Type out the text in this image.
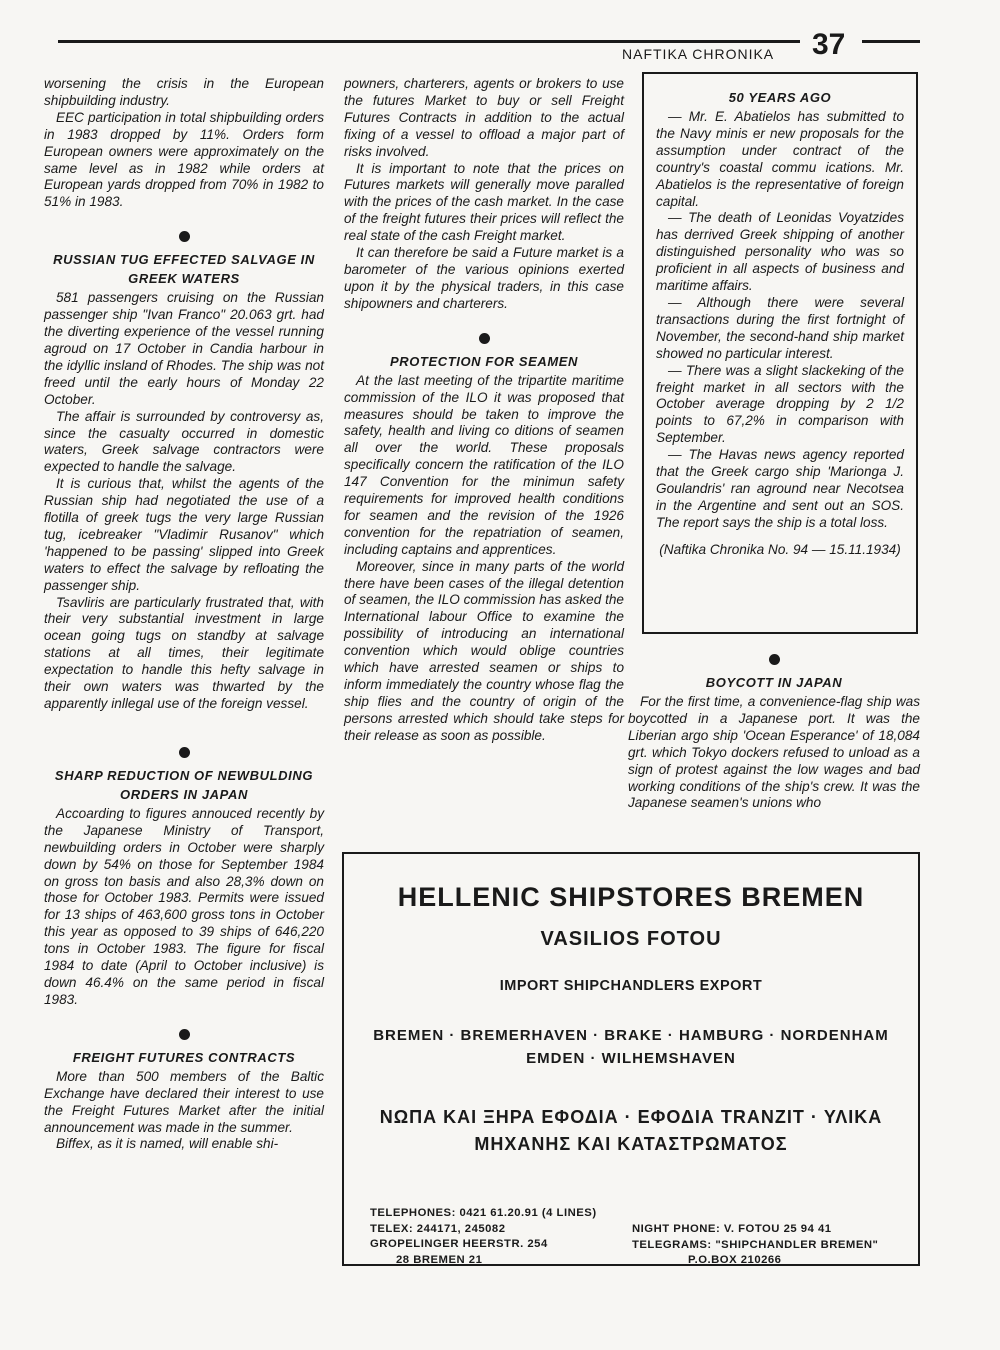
NAFTIKA CHRONIKA 37

worsening the crisis in the European shipbuilding industry.

EEC participation in total shipbuilding orders in 1983 dropped by 11%. Orders form European owners were approximately on the same level as in 1982 while orders at European yards dropped from 70% in 1982 to 51% in 1983.

RUSSIAN TUG EFFECTED SALVAGE IN GREEK WATERS

581 passengers cruising on the Russian passenger ship "Ivan Franco" 20.063 grt. had the diverting experience of the vessel running agroud on 17 October in Candia harbour in the idyllic insland of Rhodes. The ship was not freed until the early hours of Monday 22 October.

The affair is surrounded by controversy as, since the casualty occurred in domestic waters, Greek salvage contractors were expected to handle the salvage.

It is curious that, whilst the agents of the Russian ship had negotiated the use of a flotilla of greek tugs the very large Russian tug, icebreaker "Vladimir Rusanov" which 'happened to be passing' slipped into Greek waters to effect the salvage by refloating the passenger ship.

Tsavliris are particularly frustrated that, with their very substantial investment in large ocean going tugs on standby at salvage stations at all times, their legitimate expectation to handle this hefty salvage in their own waters was thwarted by the apparently inllegal use of the foreign vessel.

SHARP REDUCTION OF NEWBULDING ORDERS IN JAPAN

Accoarding to figures annouced recently by the Japanese Ministry of Transport, newbuilding orders in October were sharply down by 54% on those for September 1984 on gross ton basis and also 28,3% down on those for October 1983. Permits were issued for 13 ships of 463,600 gross tons in October this year as opposed to 39 ships of 646,220 tons in October 1983. The figure for fiscal 1984 to date (April to October inclusive) is down 46.4% on the same period in fiscal 1983.

FREIGHT FUTURES CONTRACTS

More than 500 members of the Baltic Exchange have declared their interest to use the Freight Futures Market after the initial announcement was made in the summer.

Biffex, as it is named, will enable shi-

powners, charterers, agents or brokers to use the futures Market to buy or sell Freight Futures Contracts in addition to the actual fixing of a vessel to offload a major part of risks involved.

It is important to note that the prices on Futures markets will generally move paralled with the prices of the cash market. In the case of the freight futures their prices will reflect the real state of the cash Freight market.

It can therefore be said a Future market is a barometer of the various opinions exerted upon it by the physical traders, in this case shipowners and charterers.

PROTECTION FOR SEAMEN

At the last meeting of the tripartite maritime commission of the ILO it was proposed that measures should be taken to improve the safety, health and living co ditions of seamen all over the world. These proposals specifically concern the ratification of the ILO 147 Convention for the minimun safety requirements for improved health conditions for seamen and the revision of the 1926 convention for the repatriation of seamen, including captains and apprentices.

Moreover, since in many parts of the world there have been cases of the illegal detention of seamen, the ILO commission has asked the International labour Office to examine the possibility of introducing an international convention which would oblige countries which have arrested seamen or ships to inform immediately the country whose flag the ship flies and the country of origin of the persons arrested which should take steps for their release as soon as possible.

50 YEARS AGO

— Mr. E. Abatielos has submitted to the Navy minis er new proposals for the assumption under contract of the country's coastal commu ications. Mr. Abatielos is the representative of foreign capital.

— The death of Leonidas Voyatzides has derrived Greek shipping of another distinguished personality who was so proficient in all aspects of business and maritime affairs.

— Although there were several transactions during the first fortnight of November, the second-hand ship market showed no particular interest.

— There was a slight slackeking of the freight market in all sectors with the October average dropping by 2 1/2 points to 67,2% in comparison with September.

— The Havas news agency reported that the Greek cargo ship 'Marionga J. Goulandris' ran aground near Necotsea in the Argentine and sent out an SOS. The report says the ship is a total loss.

(Naftika Chronika No. 94 — 15.11.1934)

BOYCOTT IN JAPAN

For the first time, a convenience-flag ship was boycotted in a Japanese port. It was the Liberian argo ship 'Ocean Esperance' of 18,084 grt. which Tokyo dockers refused to unload as a sign of protest against the low wages and bad working conditions of the ship's crew. It was the Japanese seamen's unions who

HELLENIC SHIPSTORES BREMEN
VASILIOS FOTOU
IMPORT SHIPCHANDLERS EXPORT
BREMEN · BREMERHAVEN · BRAKE · HAMBURG · NORDENHAM
EMDEN · WILHEMSHAVEN
ΝΩΠΑ ΚΑΙ ΞΗΡΑ ΕΦΟΔΙΑ · ΕΦΟΔΙΑ TRANZIT · ΥΛΙΚΑ
ΜΗΧΑΝΗΣ ΚΑΙ ΚΑΤΑΣΤΡΩΜΑΤΟΣ
TELEPHONES: 0421 61.20.91 (4 LINES)
TELEX: 244171, 245082
GROPELINGER HEERSTR. 254
28 BREMEN 21
NIGHT PHONE: V. FOTOU 25 94 41
TELEGRAMS: "SHIPCHANDLER BREMEN"
P.O.BOX 210266
